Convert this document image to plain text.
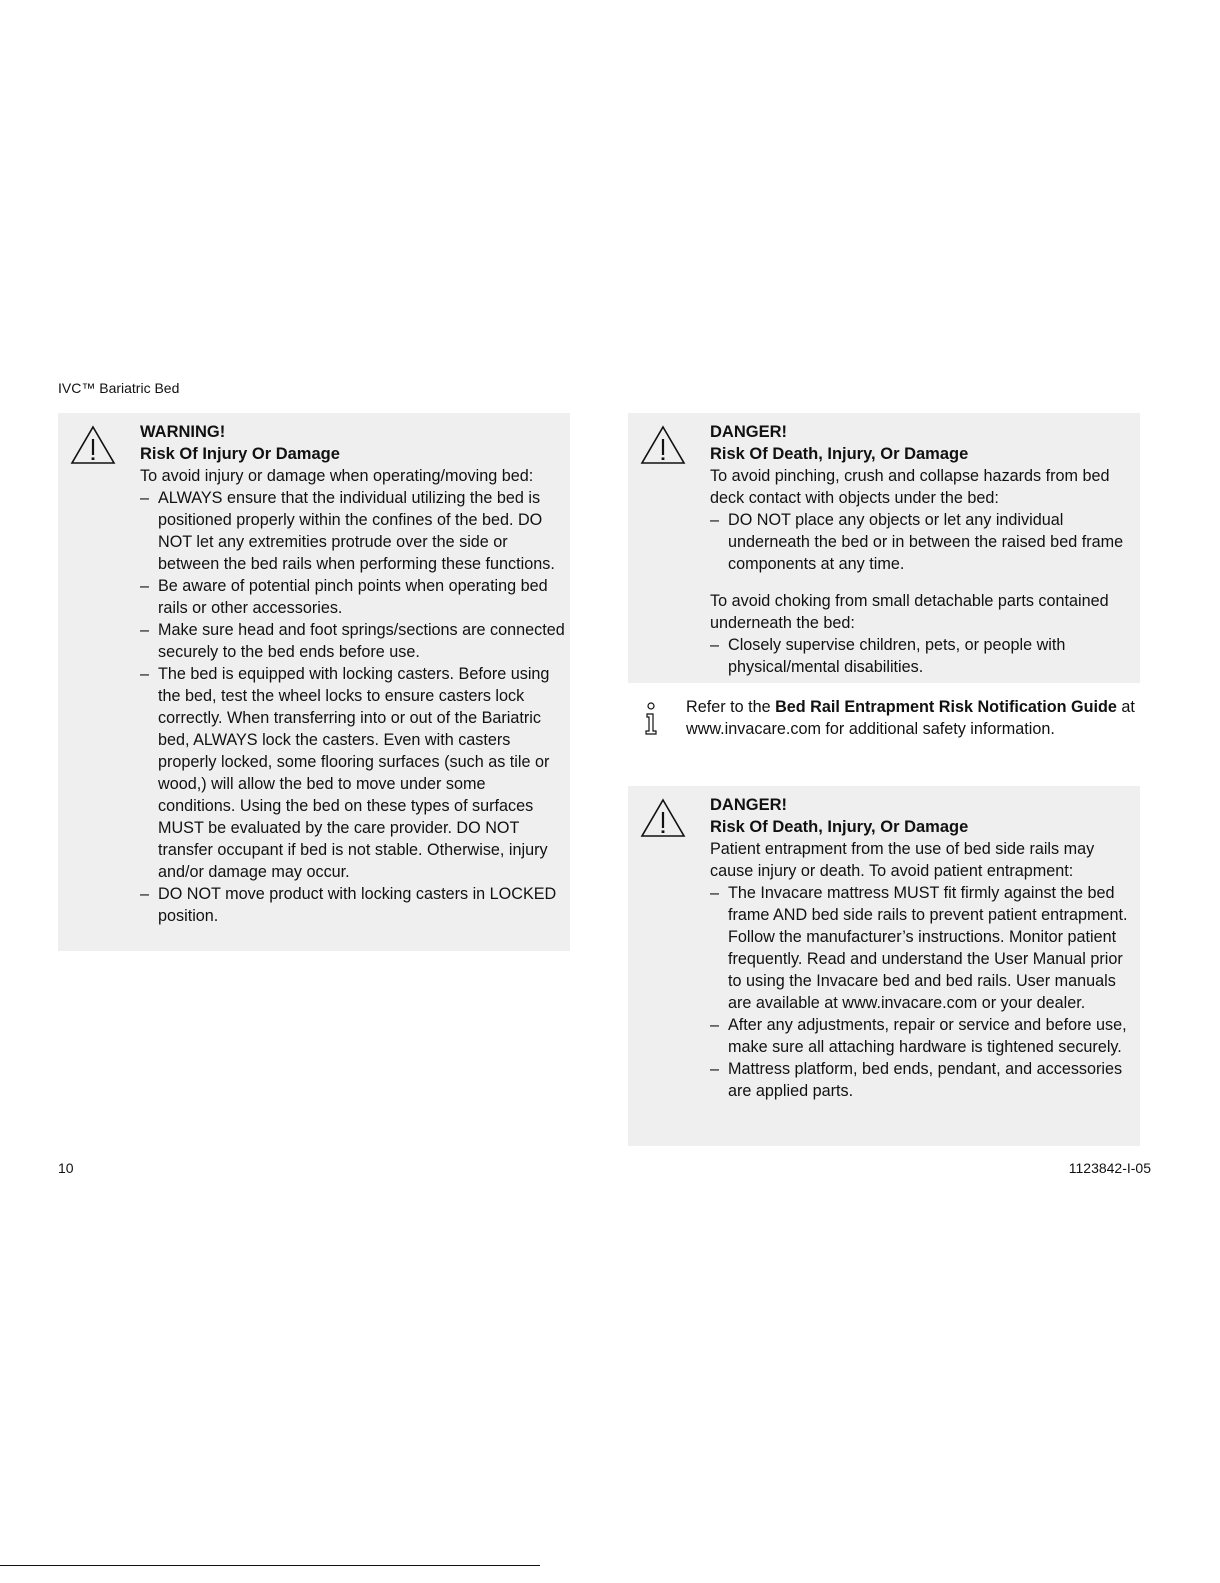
IVC™ Bariatric Bed
WARNING!
Risk Of Injury Or Damage
To avoid injury or damage when operating/moving bed:
– ALWAYS ensure that the individual utilizing the bed is positioned properly within the confines of the bed. DO NOT let any extremities protrude over the side or between the bed rails when performing these functions.
– Be aware of potential pinch points when operating bed rails or other accessories.
– Make sure head and foot springs/sections are connected securely to the bed ends before use.
– The bed is equipped with locking casters. Before using the bed, test the wheel locks to ensure casters lock correctly. When transferring into or out of the Bariatric bed, ALWAYS lock the casters. Even with casters properly locked, some flooring surfaces (such as tile or wood,) will allow the bed to move under some conditions. Using the bed on these types of surfaces MUST be evaluated by the care provider. DO NOT transfer occupant if bed is not stable. Otherwise, injury and/or damage may occur.
– DO NOT move product with locking casters in LOCKED position.
DANGER!
Risk Of Death, Injury, Or Damage
To avoid pinching, crush and collapse hazards from bed deck contact with objects under the bed:
– DO NOT place any objects or let any individual underneath the bed or in between the raised bed frame components at any time.
To avoid choking from small detachable parts contained underneath the bed:
– Closely supervise children, pets, or people with physical/mental disabilities.
Refer to the Bed Rail Entrapment Risk Notification Guide at www.invacare.com for additional safety information.
DANGER!
Risk Of Death, Injury, Or Damage
Patient entrapment from the use of bed side rails may cause injury or death. To avoid patient entrapment:
– The Invacare mattress MUST fit firmly against the bed frame AND bed side rails to prevent patient entrapment. Follow the manufacturer’s instructions. Monitor patient frequently. Read and understand the User Manual prior to using the Invacare bed and bed rails. User manuals are available at www.invacare.com or your dealer.
– After any adjustments, repair or service and before use, make sure all attaching hardware is tightened securely.
– Mattress platform, bed ends, pendant, and accessories are applied parts.
10	1123842-I-05
